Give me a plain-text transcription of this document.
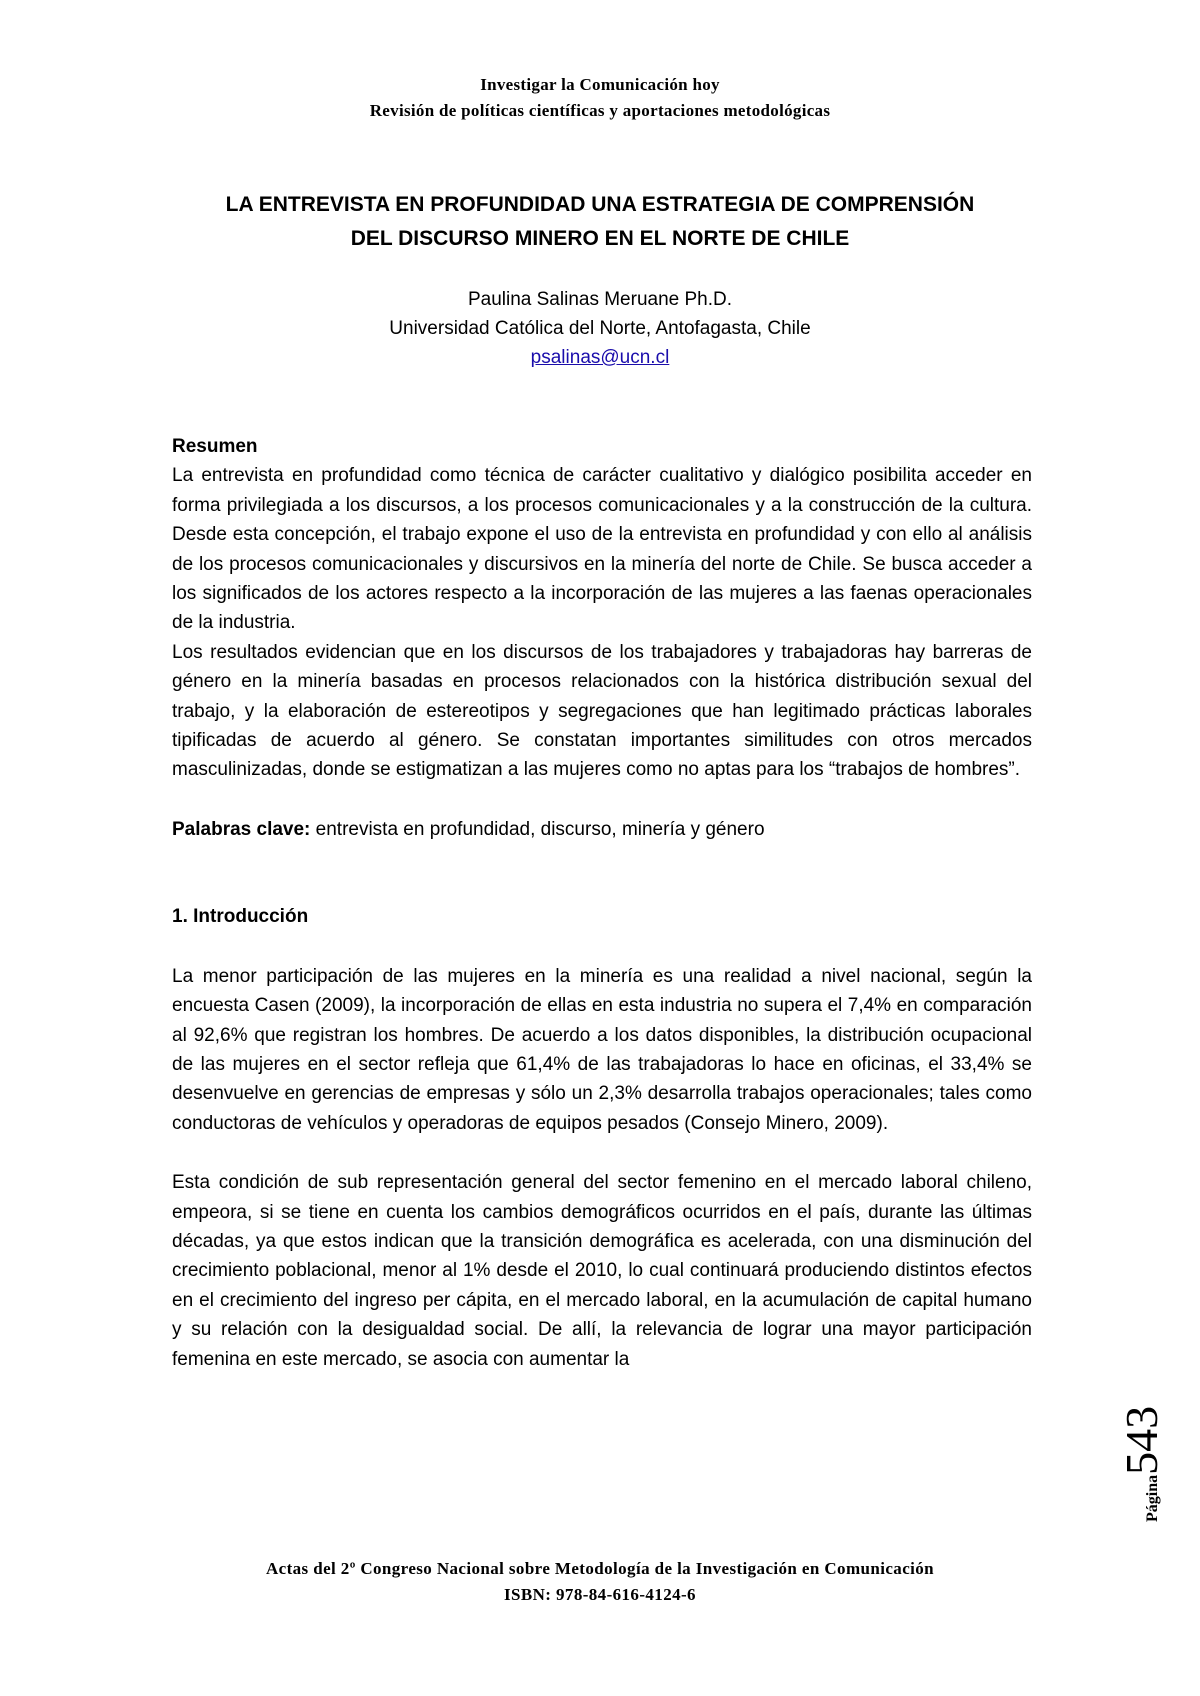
Investigar la Comunicación hoy
Revisión de políticas científicas y aportaciones metodológicas
LA ENTREVISTA EN PROFUNDIDAD UNA ESTRATEGIA DE COMPRENSIÓN
DEL DISCURSO MINERO EN EL NORTE DE CHILE
Paulina Salinas Meruane Ph.D.
Universidad Católica del Norte, Antofagasta, Chile
psalinas@ucn.cl

Resumen

La entrevista en profundidad como técnica de carácter cualitativo y dialógico posibilita acceder en forma privilegiada a los discursos, a los procesos comunicacionales y a la construcción de la cultura. Desde esta concepción, el trabajo expone el uso de la entrevista en profundidad y con ello al análisis de los procesos comunicacionales y discursivos en la minería del norte de Chile. Se busca acceder a los significados de los actores respecto a la incorporación de las mujeres a las faenas operacionales de la industria.

Los resultados evidencian que en los discursos de los trabajadores y trabajadoras hay barreras de género en la minería basadas en procesos relacionados con la histórica distribución sexual del trabajo, y la elaboración de estereotipos y segregaciones que han legitimado prácticas laborales tipificadas de acuerdo al género. Se constatan importantes similitudes con otros mercados masculinizadas, donde se estigmatizan a las mujeres como no aptas para los “trabajos de hombres”.

Palabras clave: entrevista en profundidad, discurso, minería y género

1. Introducción

La menor participación de las mujeres en la minería es una realidad a nivel nacional, según la encuesta Casen (2009), la incorporación de ellas en esta industria no supera el 7,4% en comparación al 92,6% que registran los hombres. De acuerdo a los datos disponibles, la distribución ocupacional de las mujeres en el sector refleja que 61,4% de las trabajadoras lo hace en oficinas, el 33,4% se desenvuelve en gerencias de empresas y sólo un 2,3% desarrolla trabajos operacionales; tales como conductoras de vehículos y operadoras de equipos pesados (Consejo Minero, 2009).

Esta condición de sub representación general del sector femenino en el mercado laboral chileno, empeora, si se tiene en cuenta los cambios demográficos ocurridos en el país, durante las últimas décadas, ya que estos indican que la transición demográfica es acelerada, con una disminución del crecimiento poblacional, menor al 1% desde el 2010, lo cual continuará produciendo distintos efectos en el crecimiento del ingreso per cápita, en el mercado laboral, en la acumulación de capital humano y su relación con la desigualdad social. De allí, la relevancia de lograr una mayor participación femenina en este mercado, se asocia con aumentar la

Actas del 2º Congreso Nacional sobre Metodología de la Investigación en Comunicación
ISBN: 978-84-616-4124-6
Página543
